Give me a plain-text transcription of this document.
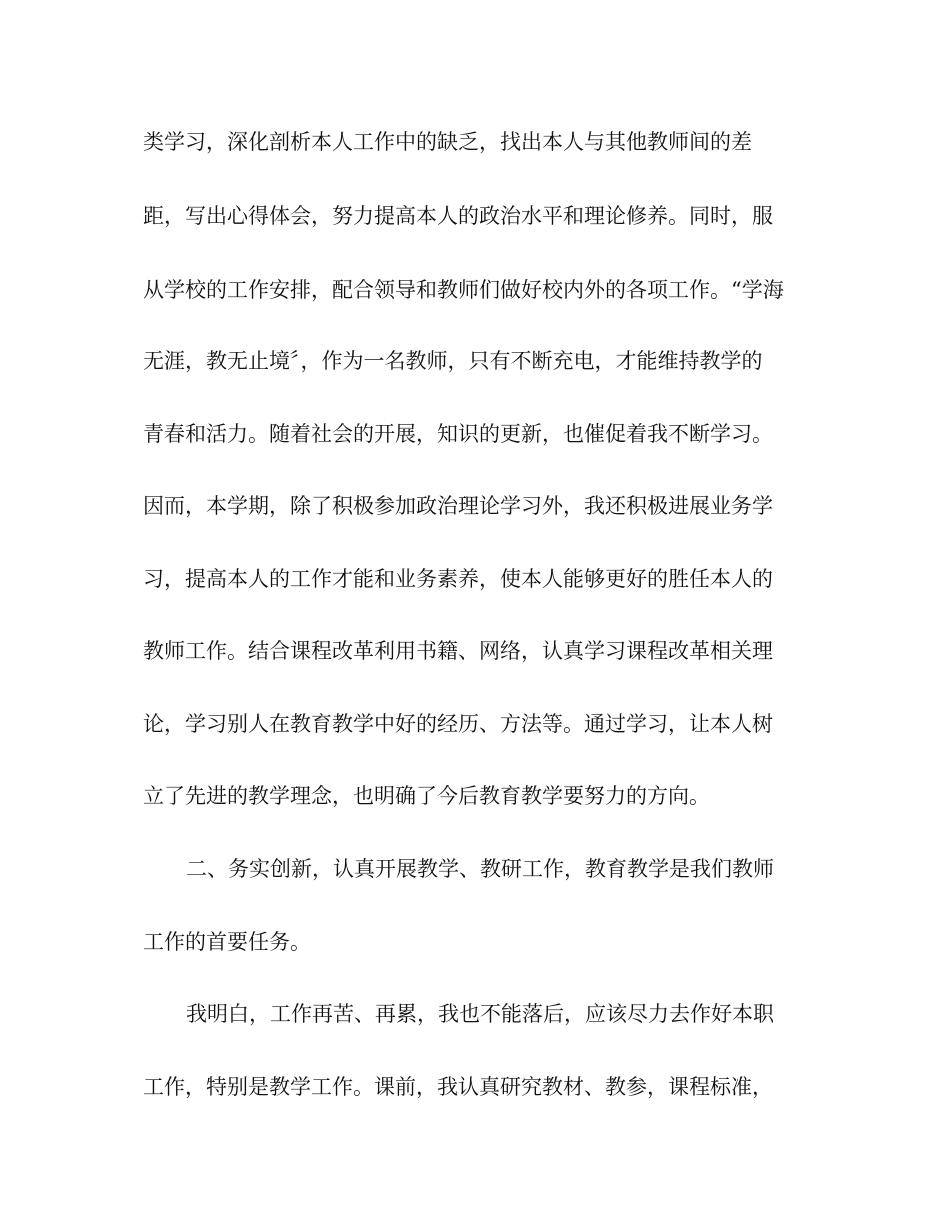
类学习，深化剖析本人工作中的缺乏，找出本人与其他教师间的差
距，写出心得体会，努力提高本人的政治水平和理论修养。同时，服
从学校的工作安排，配合领导和教师们做好校内外的各项工作。“学海
无涯，教无止境〞，作为一名教师，只有不断充电，才能维持教学的
青春和活力。随着社会的开展，知识的更新，也催促着我不断学习。
因而，本学期，除了积极参加政治理论学习外，我还积极进展业务学
习，提高本人的工作才能和业务素养，使本人能够更好的胜任本人的
教师工作。结合课程改革利用书籍、网络，认真学习课程改革相关理
论，学习别人在教育教学中好的经历、方法等。通过学习，让本人树
立了先进的教学理念，也明确了今后教育教学要努力的方向。
二、务实创新，认真开展教学、教研工作，教育教学是我们教师
工作的首要任务。
我明白，工作再苦、再累，我也不能落后，应该尽力去作好本职
工作，特别是教学工作。课前，我认真研究教材、教参，课程标准，
